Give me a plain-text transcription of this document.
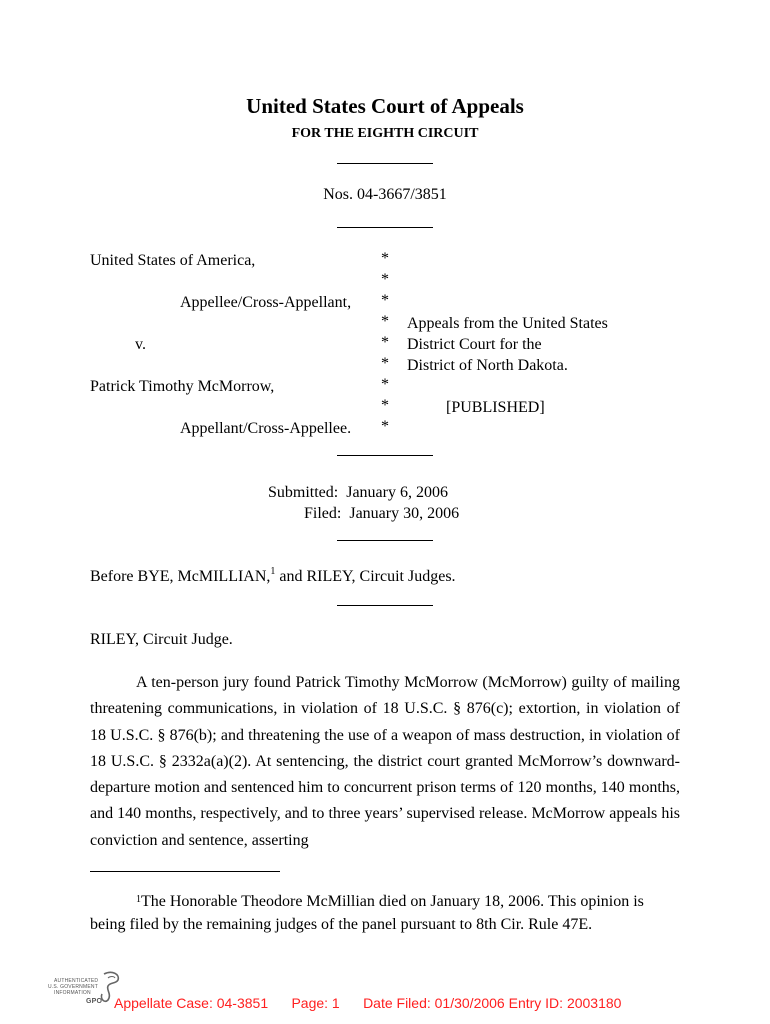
United States Court of Appeals
FOR THE EIGHTH CIRCUIT
Nos. 04-3667/3851
United States of America,
Appellee/Cross-Appellant,
v.
Patrick Timothy McMorrow,
Appellant/Cross-Appellee.
*
*
*
*
*
*
*
*
*
Appeals from the United States
District Court for the
District of North Dakota.
[PUBLISHED]
Submitted:  January 6, 2006
Filed:  January 30, 2006
Before BYE, McMILLIAN,$^1$ and RILEY, Circuit Judges.
RILEY, Circuit Judge.
A ten-person jury found Patrick Timothy McMorrow (McMorrow) guilty of mailing threatening communications, in violation of 18 U.S.C. § 876(c); extortion, in violation of 18 U.S.C. § 876(b); and threatening the use of a weapon of mass destruction, in violation of 18 U.S.C. § 2332a(a)(2). At sentencing, the district court granted McMorrow’s downward-departure motion and sentenced him to concurrent prison terms of 120 months, 140 months, and 140 months, respectively, and to three years’ supervised release. McMorrow appeals his conviction and sentence, asserting
$^1$The Honorable Theodore McMillian died on January 18, 2006. This opinion is being filed by the remaining judges of the panel pursuant to 8th Cir. Rule 47E.
AUTHENTICATED
U.S. GOVERNMENT
INFORMATION
GPO Appellate Case: 04-3851 Page: 1 Date Filed: 01/30/2006 Entry ID: 2003180
